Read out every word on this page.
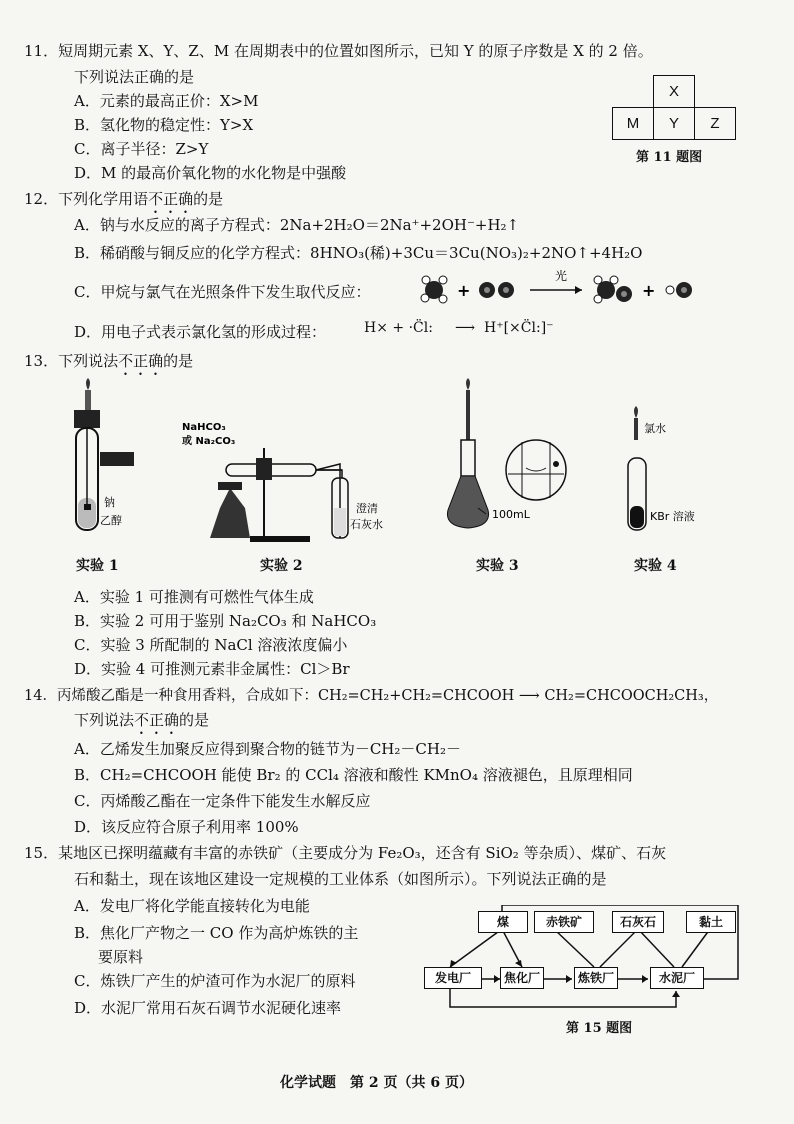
11．短周期元素 X、Y、Z、M 在周期表中的位置如图所示，已知 Y 的原子序数是 X 的 2 倍。
下列说法正确的是
A．元素的最高正价：X>M
B．氢化物的稳定性：Y>X
C．离子半径：Z>Y
D．M 的最高价氧化物的水化物是中强酸
	X	
M	Y	Z
第 11 题图
12．下列化学用语不正确的是
A．钠与水反应的离子方程式：2Na+2H₂O＝2Na⁺+2OH⁻+H₂↑
B．稀硝酸与铜反应的化学方程式：8HNO₃(稀)+3Cu＝3Cu(NO₃)₂+2NO↑+4H₂O
C．甲烷与氯气在光照条件下发生取代反应：	+
光
+
D．用电子式表示氯化氢的形成过程：	H× + ·C̈l: ⟶ H⁺[×C̈l:]⁻
13．下列说法不正确的是
钠
乙醇
NaHCO₃
或 Na₂CO₃
澄清
石灰水
100mL
氯水
KBr 溶液
实验 1	实验 2	实验 3	实验 4
A．实验 1 可推测有可燃性气体生成
B．实验 2 可用于鉴别 Na₂CO₃ 和 NaHCO₃
C．实验 3 所配制的 NaCl 溶液浓度偏小
D．实验 4 可推测元素非金属性：Cl＞Br
14．丙烯酸乙酯是一种食用香料，合成如下：CH₂=CH₂+CH₂=CHCOOH ⟶ CH₂=CHCOOCH₂CH₃，
下列说法不正确的是
A．乙烯发生加聚反应得到聚合物的链节为－CH₂－CH₂－
B．CH₂=CHCOOH 能使 Br₂ 的 CCl₄ 溶液和酸性 KMnO₄ 溶液褪色，且原理相同
C．丙烯酸乙酯在一定条件下能发生水解反应
D．该反应符合原子利用率 100%
15．某地区已探明蕴藏有丰富的赤铁矿（主要成分为 Fe₂O₃，还含有 SiO₂ 等杂质）、煤矿、石灰
石和黏土，现在该地区建设一定规模的工业体系（如图所示）。下列说法正确的是
A．发电厂将化学能直接转化为电能
B．焦化厂产物之一 CO 作为高炉炼铁的主
要原料
C．炼铁厂产生的炉渣可作为水泥厂的原料
D．水泥厂常用石灰石调节水泥硬化速率
煤	赤铁矿	石灰石	黏土
发电厂	焦化厂	炼铁厂	水泥厂
第 15 题图
化学试题　第 2 页（共 6 页）
